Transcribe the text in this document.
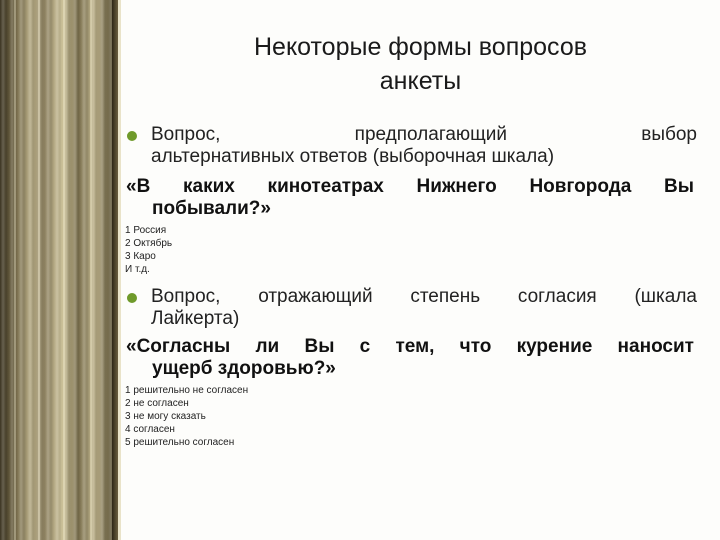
Некоторые формы вопросов
анкеты
Вопрос, предполагающий выбор
альтернативных ответов (выборочная шкала)
«В каких кинотеатрах Нижнего Новгорода Вы
побывали?»
1 Россия
2 Октябрь
3 Каро
И т.д.
Вопрос, отражающий степень согласия (шкала
Лайкерта)
«Согласны ли Вы с тем, что курение наносит
ущерб здоровью?»
1 решительно не согласен
2 не согласен
3 не могу сказать
4 согласен
5 решительно согласен
